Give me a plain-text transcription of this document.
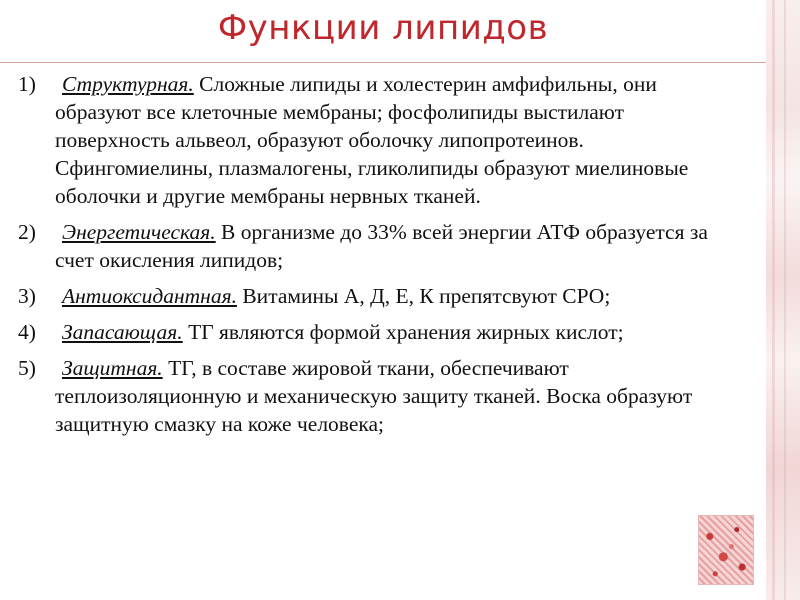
Функции липидов
1) Структурная. Сложные липиды и холестерин амфифильны, они образуют все клеточные мембраны; фосфолипиды выстилают поверхность альвеол, образуют оболочку липопротеинов. Сфингомиелины, плазмалогены, гликолипиды образуют миелиновые оболочки и другие мембраны нервных тканей.
2) Энергетическая. В организме до 33% всей энергии АТФ образуется за счет окисления липидов;
3) Антиоксидантная. Витамины А, Д, Е, К препятсвуют СРО;
4) Запасающая. ТГ являются формой хранения жирных кислот;
5) Защитная. ТГ, в составе жировой ткани, обеспечивают теплоизоляционную и механическую защиту тканей. Воска образуют защитную смазку на коже человека;
